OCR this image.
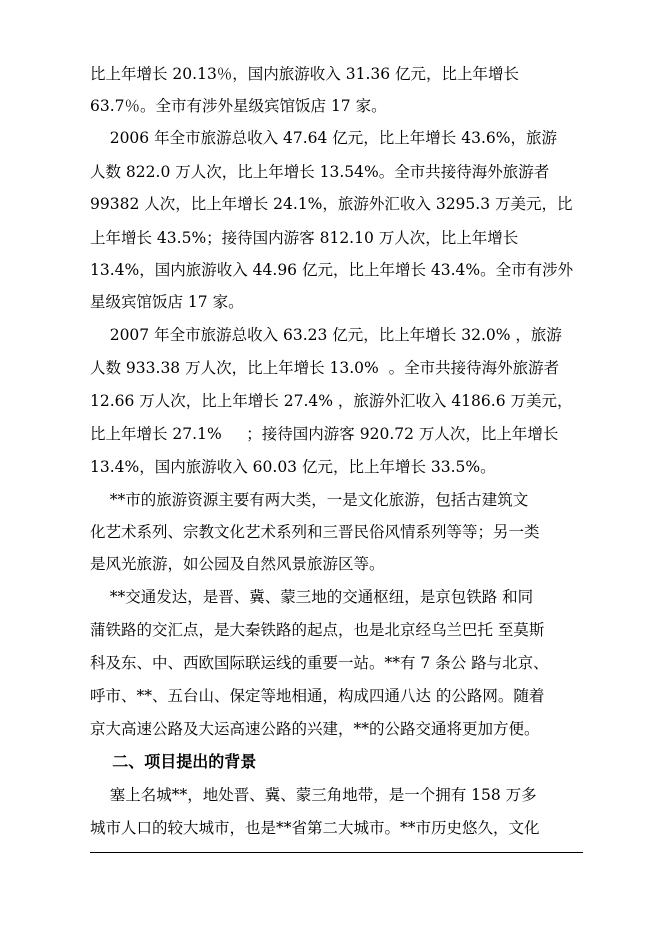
比上年增长 20.13％，国内旅游收入 31.36 亿元，比上年增长
63.7％。全市有涉外星级宾馆饭店 17 家。
2006 年全市旅游总收入 47.64 亿元，比上年增长 43.6%，旅游
人数 822.0 万人次，比上年增长 13.54%。全市共接待海外旅游者
99382 人次，比上年增长 24.1%，旅游外汇收入 3295.3 万美元，比
上年增长 43.5%；接待国内游客 812.10 万人次，比上年增长
13.4%，国内旅游收入 44.96 亿元，比上年增长 43.4%。全市有涉外
星级宾馆饭店 17 家。
2007 年全市旅游总收入 63.23 亿元，比上年增长 32.0% ，旅游
人数 933.38 万人次，比上年增长 13.0%  。全市共接待海外旅游者
12.66 万人次，比上年增长 27.4% ，旅游外汇收入 4186.6 万美元，
比上年增长 27.1%     ；接待国内游客 920.72 万人次，比上年增长
13.4%，国内旅游收入 60.03 亿元，比上年增长 33.5%。
**市的旅游资源主要有两大类，一是文化旅游，包括古建筑文
化艺术系列、宗教文化艺术系列和三晋民俗风情系列等等；另一类
是风光旅游，如公园及自然风景旅游区等。
**交通发达，是晋、冀、蒙三地的交通枢纽，是京包铁路 和同
蒲铁路的交汇点，是大秦铁路的起点，也是北京经乌兰巴托 至莫斯
科及东、中、西欧国际联运线的重要一站。**有 7 条公 路与北京、
呼市、**、五台山、保定等地相通，构成四通八达 的公路网。随着
京大高速公路及大运高速公路的兴建，**的公路交通将更加方便。
二、项目提出的背景
塞上名城**，地处晋、冀、蒙三角地带，是一个拥有 158 万多
城市人口的较大城市，也是**省第二大城市。**市历史悠久，文化
